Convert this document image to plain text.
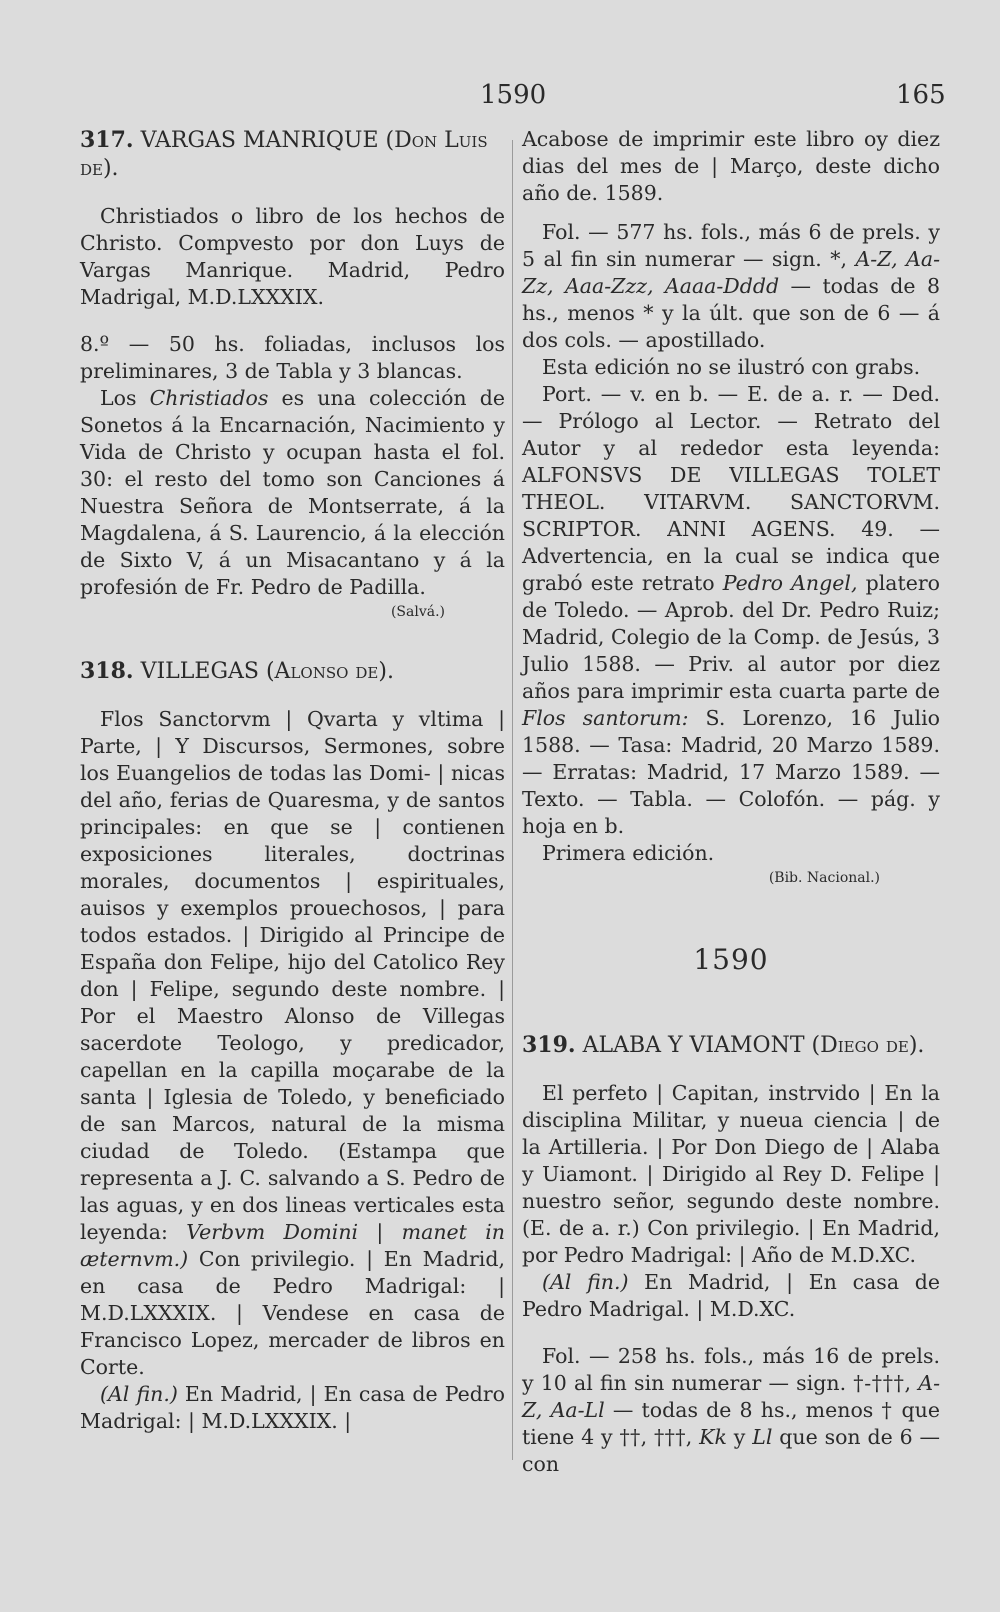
1590	165

317. VARGAS MANRIQUE (Don Luis de).

Christiados o libro de los hechos de Christo. Compvesto por don Luys de Vargas Manrique. Madrid, Pedro Madrigal, M.D.LXXXIX.

8.º — 50 hs. foliadas, inclusos los preliminares, 3 de Tabla y 3 blancas.

Los Christiados es una colección de Sonetos á la Encarnación, Nacimiento y Vida de Christo y ocupan hasta el fol. 30: el resto del tomo son Canciones á Nuestra Señora de Montserrate, á la Magdalena, á S. Laurencio, á la elección de Sixto V, á un Misacantano y á la profesión de Fr. Pedro de Padilla.

(Salvá.)

318. VILLEGAS (Alonso de).

Flos Sanctorvm | Qvarta y vltima | Parte, | Y Discursos, Sermones, sobre los Euangelios de todas las Domi- | nicas del año, ferias de Quaresma, y de santos principales: en que se | contienen exposiciones literales, doctrinas morales, documentos | espirituales, auisos y exemplos prouechosos, | para todos estados. | Dirigido al Principe de España don Felipe, hijo del Catolico Rey don | Felipe, segundo deste nombre. | Por el Maestro Alonso de Villegas sacerdote Teologo, y predicador, capellan en la capilla moçarabe de la santa | Iglesia de Toledo, y beneficiado de san Marcos, natural de la misma ciudad de Toledo. (Estampa que representa a J. C. salvando a S. Pedro de las aguas, y en dos lineas verticales esta leyenda: Verbvm Domini | manet in æternvm.) Con privilegio. | En Madrid, en casa de Pedro Madrigal: | M.D.LXXXIX. | Vendese en casa de Francisco Lopez, mercader de libros en Corte.

(Al fin.) En Madrid, | En casa de Pedro Madrigal: | M.D.LXXXIX. |

Acabose de imprimir este libro oy diez dias del mes de | Março, deste dicho año de. 1589.

Fol. — 577 hs. fols., más 6 de prels. y 5 al fin sin numerar — sign. *, A-Z, Aa-Zz, Aaa-Zzz, Aaaa-Dddd — todas de 8 hs., menos * y la últ. que son de 6 — á dos cols. — apostillado.

Esta edición no se ilustró con grabs.

Port. — v. en b. — E. de a. r. — Ded. — Prólogo al Lector. — Retrato del Autor y al rededor esta leyenda: ALFONSVS DE VILLEGAS TOLET THEOL. VITARVM. SANCTORVM. SCRIPTOR. ANNI AGENS. 49. — Advertencia, en la cual se indica que grabó este retrato Pedro Angel, platero de Toledo. — Aprob. del Dr. Pedro Ruiz; Madrid, Colegio de la Comp. de Jesús, 3 Julio 1588. — Priv. al autor por diez años para imprimir esta cuarta parte de Flos santorum: S. Lorenzo, 16 Julio 1588. — Tasa: Madrid, 20 Marzo 1589. — Erratas: Madrid, 17 Marzo 1589. — Texto. — Tabla. — Colofón. — pág. y hoja en b.

Primera edición.

(Bib. Nacional.)

1590

319. ALABA Y VIAMONT (Diego de).

El perfeto | Capitan, instrvido | En la disciplina Militar, y nueua ciencia | de la Artilleria. | Por Don Diego de | Alaba y Uiamont. | Dirigido al Rey D. Felipe | nuestro señor, segundo deste nombre. (E. de a. r.) Con privilegio. | En Madrid, por Pedro Madrigal: | Año de M.D.XC.

(Al fin.) En Madrid, | En casa de Pedro Madrigal. | M.D.XC.

Fol. — 258 hs. fols., más 16 de prels. y 10 al fin sin numerar — sign. †-†††, A-Z, Aa-Ll — todas de 8 hs., menos † que tiene 4 y ††, †††, Kk y Ll que son de 6 — con
